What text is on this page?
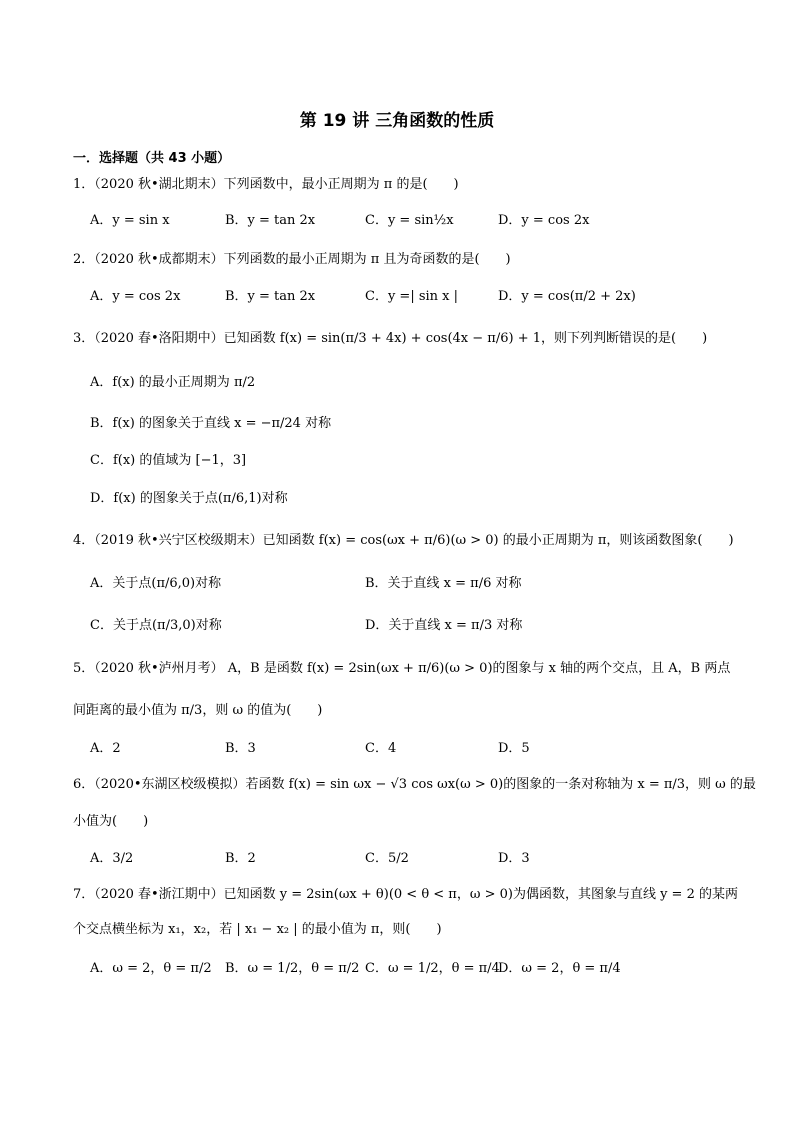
第 19 讲 三角函数的性质
一．选择题（共 43 小题）
1．（2020 秋•湖北期末）下列函数中，最小正周期为 π 的是(　　)
A．y = sin x	B．y = tan 2x	C．y = sin½x	D．y = cos 2x
2．（2020 秋•成都期末）下列函数的最小正周期为 π 且为奇函数的是(　　)
A．y = cos 2x	B．y = tan 2x	C．y =| sin x |	D．y = cos(π/2 + 2x)
3．（2020 春•洛阳期中）已知函数 f(x) = sin(π/3 + 4x) + cos(4x − π/6) + 1，则下列判断错误的是(　　)
A．f(x) 的最小正周期为 π/2
B．f(x) 的图象关于直线 x = −π/24 对称
C．f(x) 的值域为 [−1，3]
D．f(x) 的图象关于点(π/6,1)对称
4．（2019 秋•兴宁区校级期末）已知函数 f(x) = cos(ωx + π/6)(ω > 0) 的最小正周期为 π，则该函数图象(　　)
A．关于点(π/6,0)对称	B．关于直线 x = π/6 对称
C．关于点(π/3,0)对称	D．关于直线 x = π/3 对称
5．（2020 秋•泸州月考） A，B 是函数 f(x) = 2sin(ωx + π/6)(ω > 0)的图象与 x 轴的两个交点，且 A，B 两点
间距离的最小值为 π/3，则 ω 的值为(　　)
A．2	B．3	C．4	D．5
6．（2020•东湖区校级模拟）若函数 f(x) = sin ωx − √3 cos ωx(ω > 0)的图象的一条对称轴为 x = π/3，则 ω 的最
小值为(　　)
A．3/2	B．2	C．5/2	D．3
7．（2020 春•浙江期中）已知函数 y = 2sin(ωx + θ)(0 < θ < π，ω > 0)为偶函数，其图象与直线 y = 2 的某两
个交点横坐标为 x₁，x₂，若 | x₁ − x₂ | 的最小值为 π，则(　　)
A．ω = 2，θ = π/2 B．ω = 1/2，θ = π/2 C．ω = 1/2，θ = π/4
D．ω = 2，θ = π/4
